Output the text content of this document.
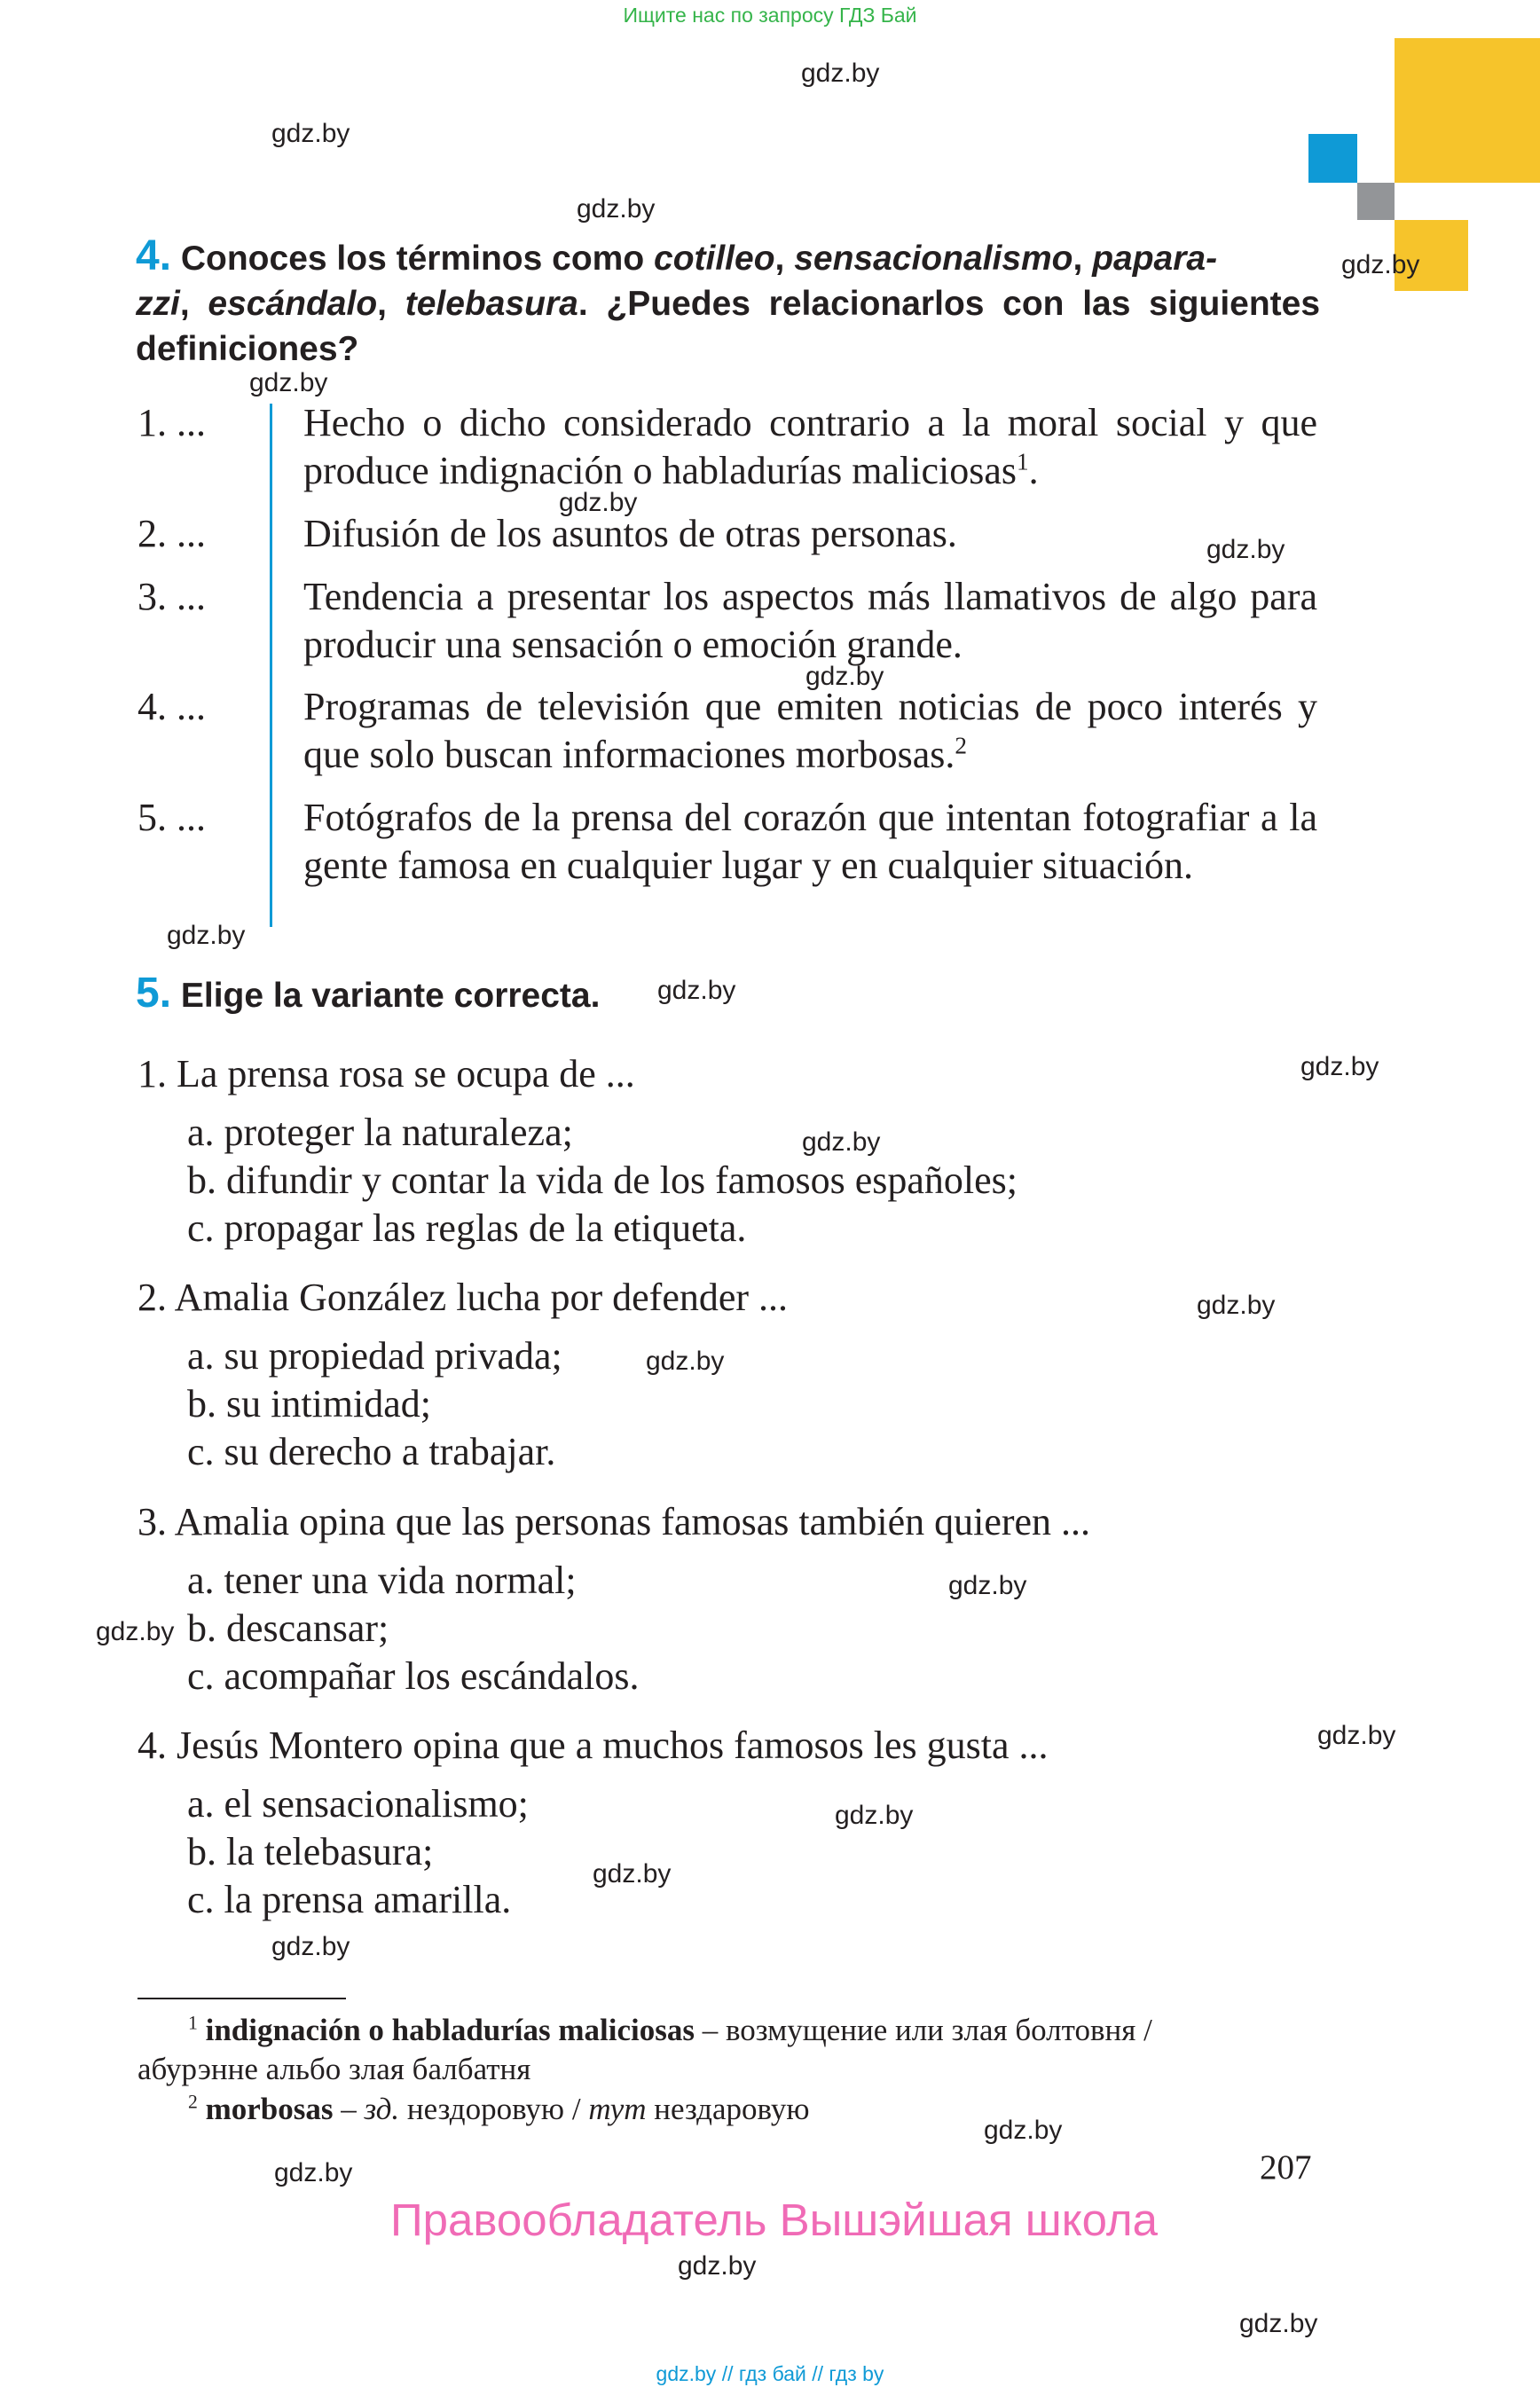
Ищите нас по запросу ГДЗ Бай
gdz.by
gdz.by
gdz.by
gdz.by
gdz.by
gdz.by
gdz.by
gdz.by
gdz.by
gdz.by
gdz.by
gdz.by
gdz.by
gdz.by
gdz.by
gdz.by
gdz.by
gdz.by
gdz.by
gdz.by
gdz.by
gdz.by
gdz.by
gdz.by
4. Conoces los términos como cotilleo, sensacionalismo, papara-
zzi, escándalo, telebasura. ¿Puedes relacionarlos con las siguientes definiciones?
1. ...	Hecho o dicho considerado contrario a la moral social y que produce indignación o habladurías maliciosas$^1$.
2. ...	Difusión de los asuntos de otras personas.
3. ...	Tendencia a presentar los aspectos más llamativos de algo para producir una sensación o emoción grande.
4. ...	Programas de televisión que emiten noticias de poco interés y que solo buscan informaciones morbosas.$^2$
5. ...	Fotógrafos de la prensa del corazón que intentan fotografiar a la gente famosa en cualquier lugar y en cualquier situación.
5. Elige la variante correcta.
1. La prensa rosa se ocupa de ...
a. proteger la naturaleza;
b. difundir y contar la vida de los famosos españoles;
c. propagar las reglas de la etiqueta.
2. Amalia González lucha por defender ...
a. su propiedad privada;
b. su intimidad;
c. su derecho a trabajar.
3. Amalia opina que las personas famosas también quieren ...
a. tener una vida normal;
b. descansar;
c. acompañar los escándalos.
4. Jesús Montero opina que a muchos famosos les gusta ...
a. el sensacionalismo;
b. la telebasura;
c. la prensa amarilla.
$^1$ indignación o habladurías maliciosas – возмущение или злая болтовня /
абурэнне альбо злая балбатня
$^2$ morbosas – зд. нездоровую / тут нездаровую
207
Правообладатель Вышэйшая школа
gdz.by // гдз бай // гдз by
